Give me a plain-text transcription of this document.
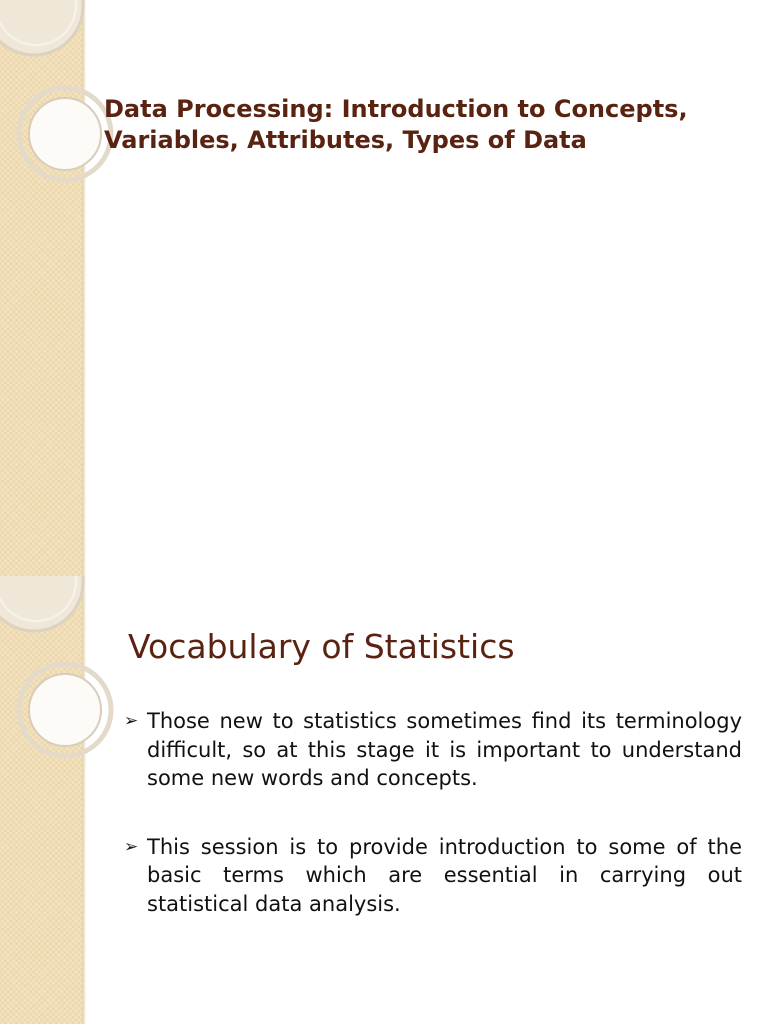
Data Processing: Introduction to Concepts, Variables, Attributes, Types of Data
Vocabulary of Statistics
➢ Those new to statistics sometimes find its terminology difficult, so at this stage it is important to understand some new words and concepts.
➢ This session is to provide introduction to some of the basic terms which are essential in carrying out statistical data analysis.
